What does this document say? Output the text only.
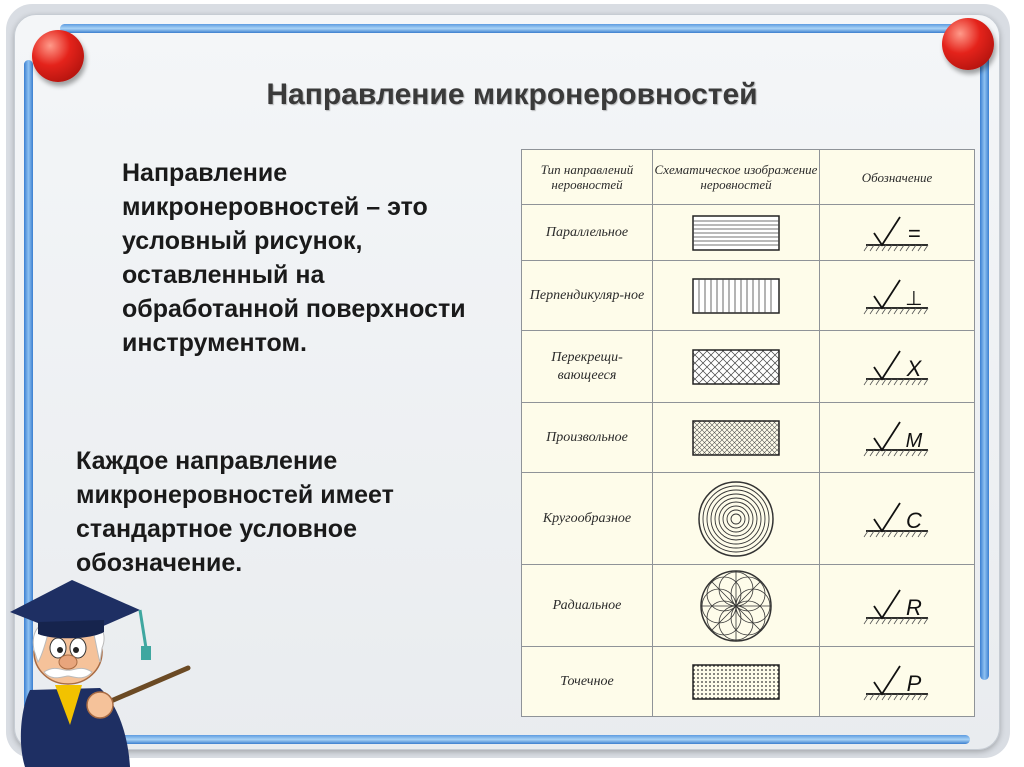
Направление микронеровностей

Направление микронеровностей – это условный рисунок, оставленный на обработанной поверхности инструментом.

Каждое направление микронеровностей имеет стандартное условное обозначение.

Тип направлений неровностей	Схематическое изображение неровностей	Обозначение
Параллельное		=

Перпендикуляр-ное		⊥

Перекрещи-вающееся		X

Произвольное		M

Кругообразное		C

Радиальное		R

Точечное		P
